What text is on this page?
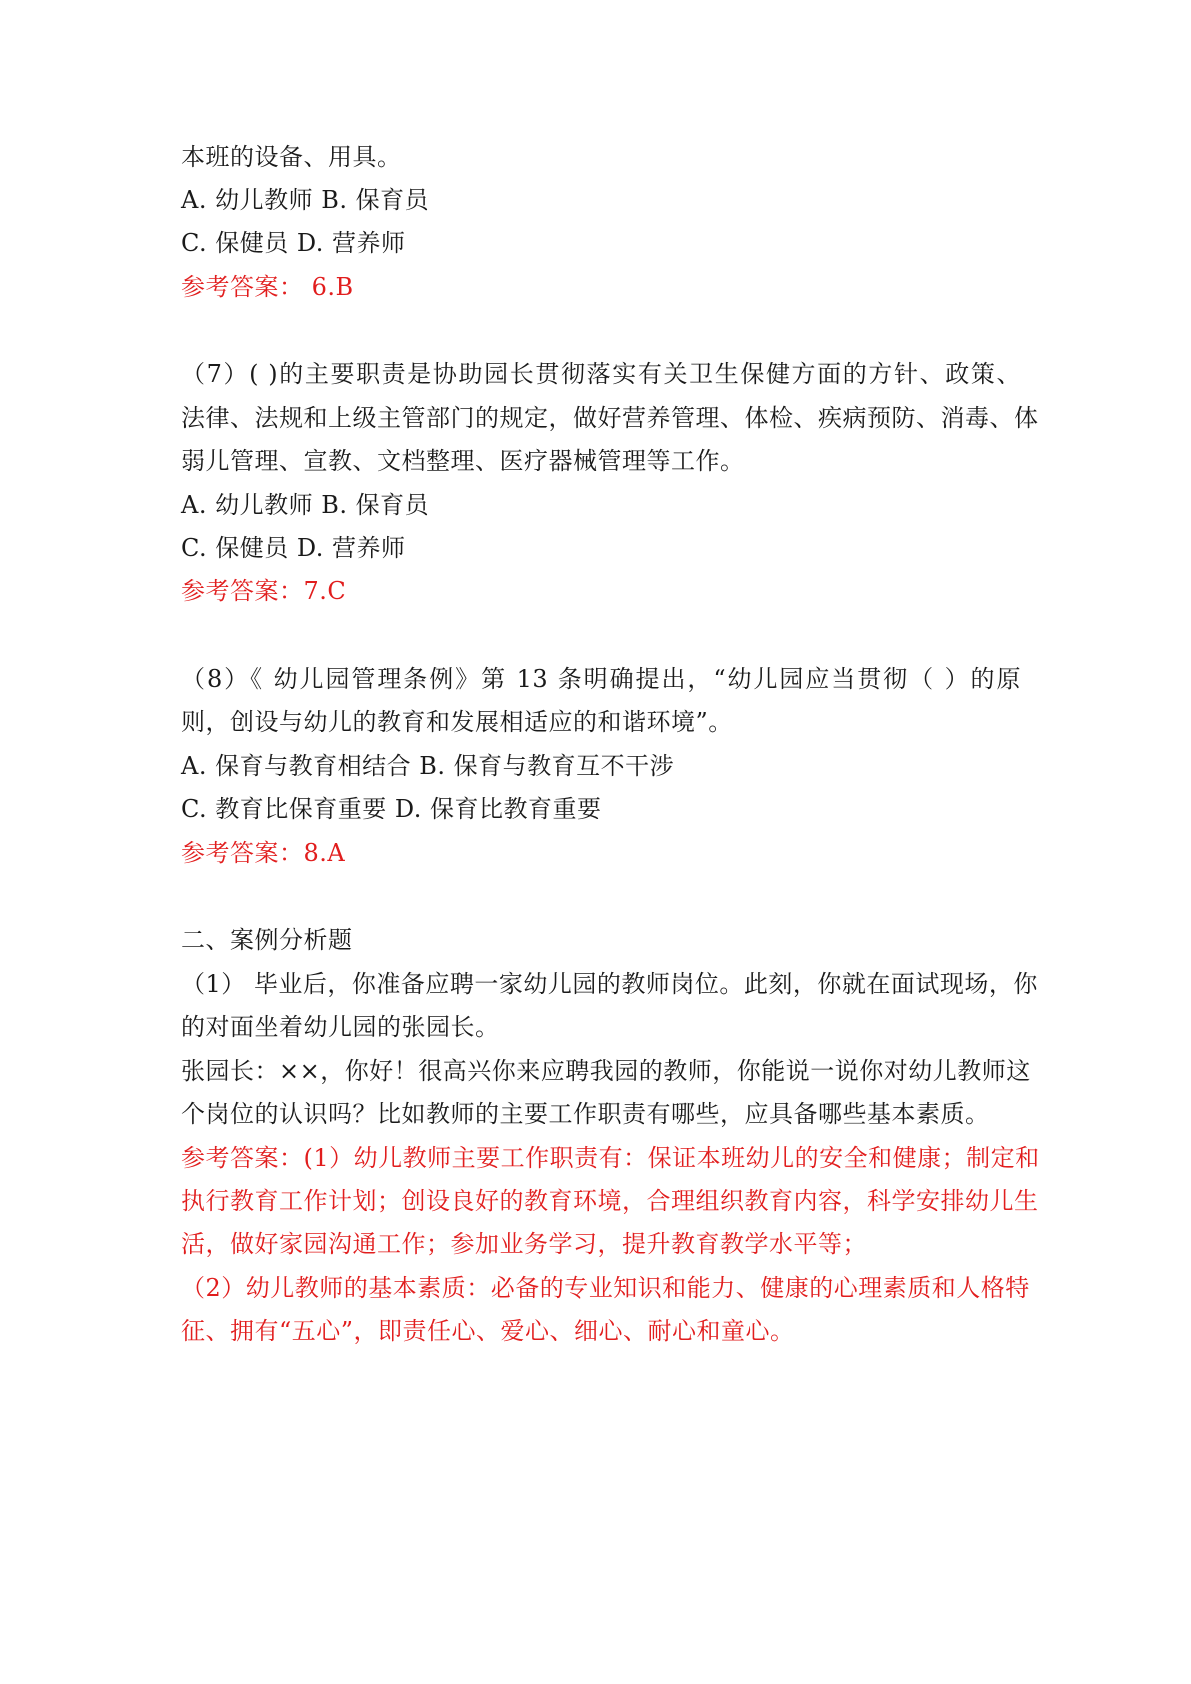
本班的设备、用具。
A. 幼儿教师 B. 保育员
C. 保健员 D. 营养师
参考答案： 6.B
（7）( )的主要职责是协助园长贯彻落实有关卫生保健方面的方针、政策、
法律、法规和上级主管部门的规定，做好营养管理、体检、疾病预防、消毒、体
弱儿管理、宣教、文档整理、医疗器械管理等工作。
A. 幼儿教师 B. 保育员
C. 保健员 D. 营养师
参考答案：7.C
（8）《 幼儿园管理条例》第 13 条明确提出，“幼儿园应当贯彻（ ）的原
则，创设与幼儿的教育和发展相适应的和谐环境”。
A. 保育与教育相结合 B. 保育与教育互不干涉
C. 教育比保育重要 D. 保育比教育重要
参考答案：8.A
二、案例分析题
（1） 毕业后，你准备应聘一家幼儿园的教师岗位。此刻，你就在面试现场，你
的对面坐着幼儿园的张园长。
张园长：××，你好！很高兴你来应聘我园的教师，你能说一说你对幼儿教师这
个岗位的认识吗？比如教师的主要工作职责有哪些，应具备哪些基本素质。
参考答案：(1）幼儿教师主要工作职责有：保证本班幼儿的安全和健康；制定和
执行教育工作计划；创设良好的教育环境，合理组织教育内容，科学安排幼儿生
活，做好家园沟通工作；参加业务学习，提升教育教学水平等；
（2）幼儿教师的基本素质：必备的专业知识和能力、健康的心理素质和人格特
征、拥有“五心”，即责任心、爱心、细心、耐心和童心。
